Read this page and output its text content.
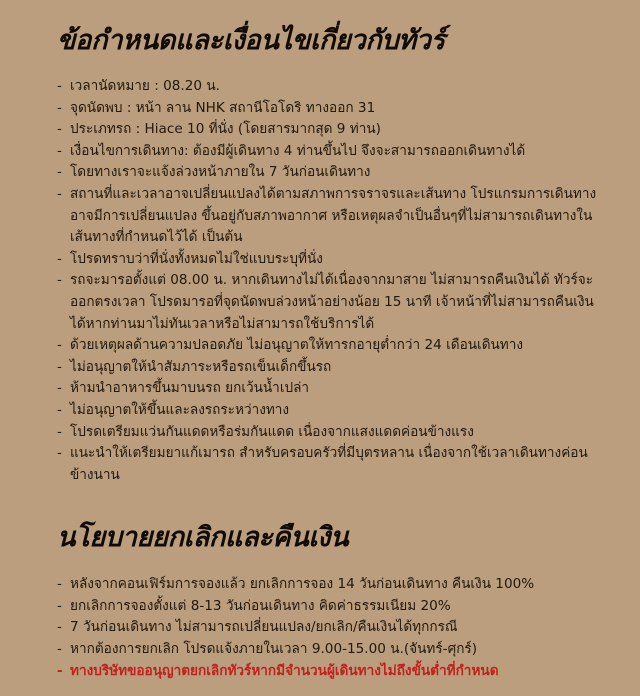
ข้อกำหนดและเงื่อนไขเกี่ยวกับทัวร์
- เวลานัดหมาย : 08.20 น.
- จุดนัดพบ : หน้า ลาน NHK สถานีโอโดริ ทางออก 31
- ประเภทรถ : Hiace 10 ที่นั่ง (โดยสารมากสุด 9 ท่าน)
- เงื่อนไขการเดินทาง: ต้องมีผู้เดินทาง 4 ท่านขึ้นไป จึงจะสามารถออกเดินทางได้
- โดยทางเราจะแจ้งล่วงหน้าภายใน 7 วันก่อนเดินทาง
- สถานที่และเวลาอาจเปลี่ยนแปลงได้ตามสภาพการจราจรและเส้นทาง โปรแกรมการเดินทางอาจมีการเปลี่ยนแปลง ขึ้นอยู่กับสภาพอากาศ หรือเหตุผลจำเป็นอื่นๆที่ไม่สามารถเดินทางในเส้นทางที่กำหนดไว้ได้ เป็นต้น
- โปรดทราบว่าที่นั่งทั้งหมดไม่ใช่แบบระบุที่นั่ง
- รถจะมารอตั้งแต่ 08.00 น. หากเดินทางไม่ได้เนื่องจากมาสาย ไม่สามารถคืนเงินได้ ทัวร์จะออกตรงเวลา โปรดมารอที่จุดนัดพบล่วงหน้าอย่างน้อย 15 นาที เจ้าหน้าที่ไม่สามารถคืนเงินได้หากท่านมาไม่ทันเวลาหรือไม่สามารถใช้บริการได้
- ด้วยเหตุผลด้านความปลอดภัย ไม่อนุญาตให้ทารกอายุต่ำกว่า 24 เดือนเดินทาง
- ไม่อนุญาตให้นำสัมภาระหรือรถเข็นเด็กขึ้นรถ
- ห้ามนำอาหารขึ้นมาบนรถ ยกเว้นน้ำเปล่า
- ไม่อนุญาตให้ขึ้นและลงรถระหว่างทาง
- โปรดเตรียมแว่นกันแดดหรือร่มกันแดด เนื่องจากแสงแดดค่อนข้างแรง
- แนะนำให้เตรียมยาแก้เมารถ สำหรับครอบครัวที่มีบุตรหลาน เนื่องจากใช้เวลาเดินทางค่อนข้างนาน
นโยบายยกเลิกและคืนเงิน
- หลังจากคอนเฟิร์มการจองแล้ว ยกเลิกการจอง 14 วันก่อนเดินทาง คืนเงิน 100%
- ยกเลิกการจองตั้งแต่ 8-13 วันก่อนเดินทาง คิดค่าธรรมเนียม 20%
- 7 วันก่อนเดินทาง ไม่สามารถเปลี่ยนแปลง/ยกเลิก/คืนเงินได้ทุกกรณี
- หากต้องการยกเลิก โปรดแจ้งภายในเวลา 9.00-15.00 น.(จันทร์-ศุกร์)
- ทางบริษัทขออนุญาตยกเลิกทัวร์หากมีจำนวนผู้เดินทางไม่ถึงขั้นต่ำที่กำหนด
